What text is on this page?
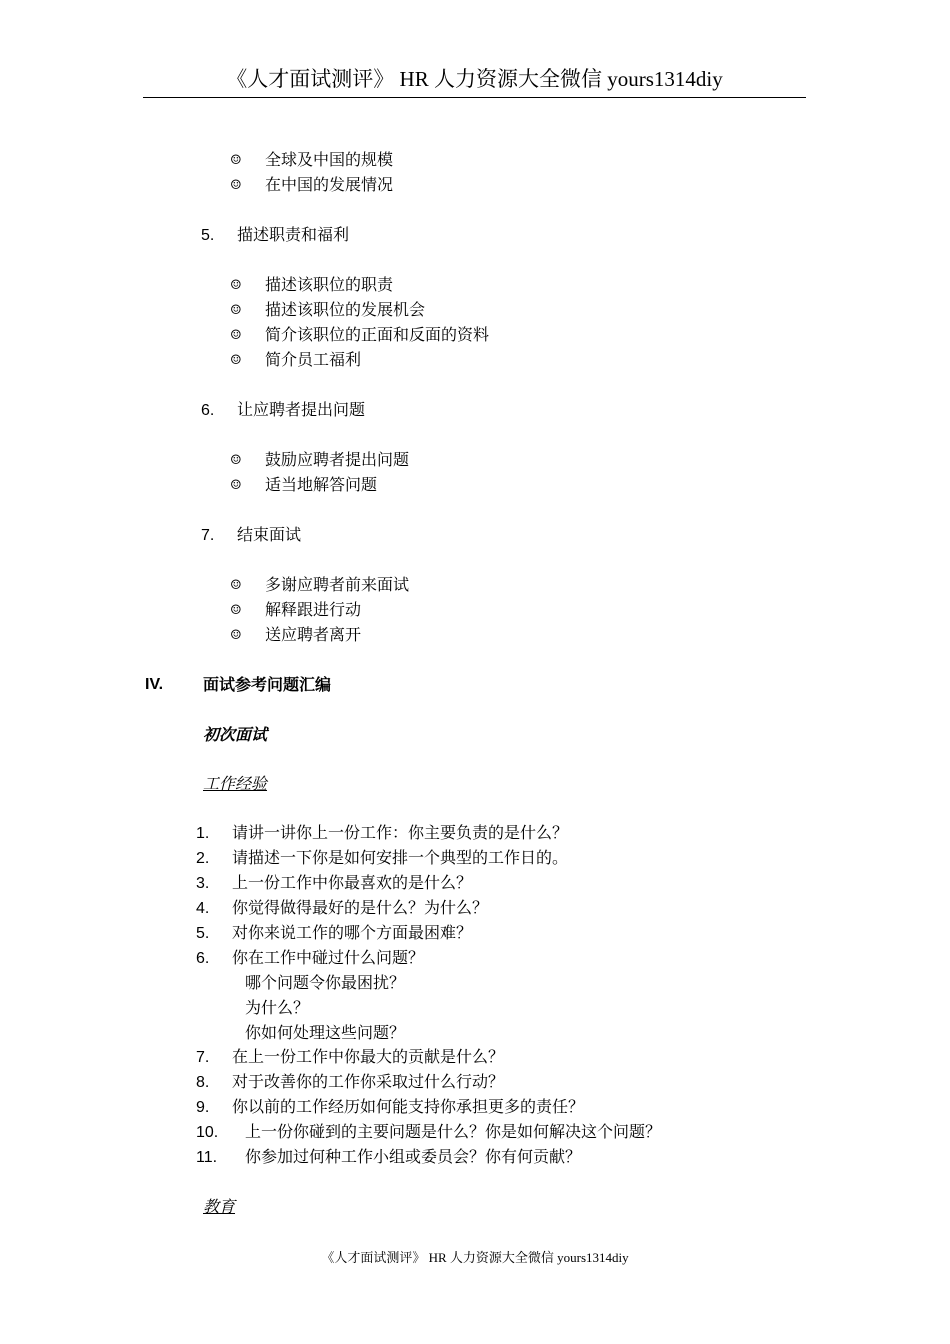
《人才面试测评》 HR 人力资源大全微信 yours1314diy
☺ 全球及中国的规模
☺ 在中国的发展情况
5. 描述职责和福利
☺ 描述该职位的职责
☺ 描述该职位的发展机会
☺ 简介该职位的正面和反面的资料
☺ 简介员工福利
6. 让应聘者提出问题
☺ 鼓励应聘者提出问题
☺ 适当地解答问题
7. 结束面试
☺ 多谢应聘者前来面试
☺ 解释跟进行动
☺ 送应聘者离开
IV. 面试参考问题汇编
初次面试
工作经验
1. 请讲一讲你上一份工作：你主要负责的是什么？
2. 请描述一下你是如何安排一个典型的工作日的。
3. 上一份工作中你最喜欢的是什么？
4. 你觉得做得最好的是什么？为什么？
5. 对你来说工作的哪个方面最困难？
6. 你在工作中碰过什么问题？
哪个问题令你最困扰？
为什么？
你如何处理这些问题？
7. 在上一份工作中你最大的贡献是什么？
8. 对于改善你的工作你采取过什么行动？
9. 你以前的工作经历如何能支持你承担更多的责任？
10. 上一份你碰到的主要问题是什么？你是如何解决这个问题？
11. 你参加过何种工作小组或委员会？你有何贡献？
教育
《人才面试测评》 HR 人力资源大全微信 yours1314diy
